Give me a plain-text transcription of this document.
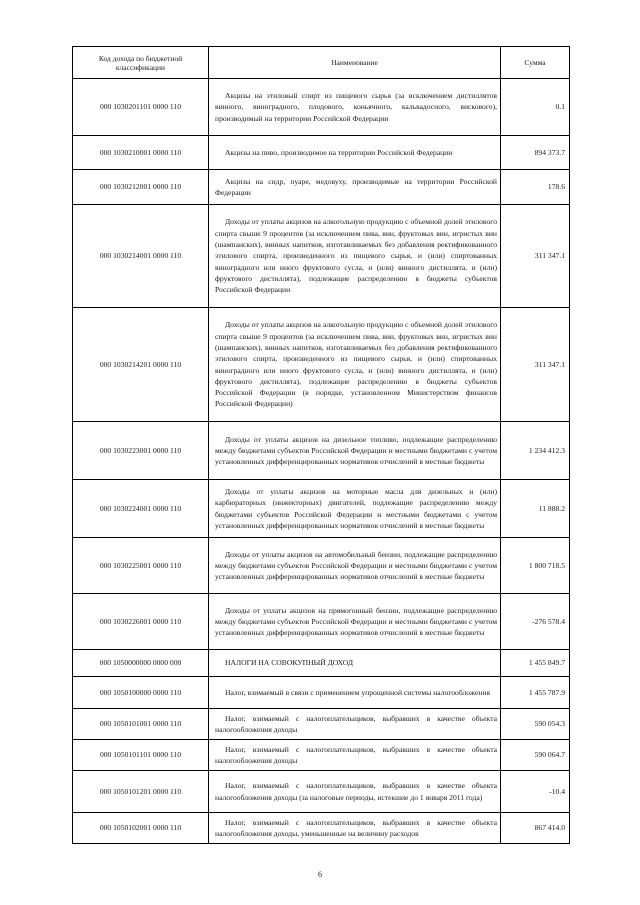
Код дохода по бюджетной классификации	Наименование	Сумма
000 1030201101 0000 110	Акцизы на этиловый спирт из пищевого сырья (за исключением дистиллятов винного, виноградного, плодового, коньячного, кальвадосного, вискового), производимый на территории Российской Федерации	0.1
000 1030210001 0000 110	Акцизы на пиво, производимое на территории Российской Федерации	894 373.7
000 1030212001 0000 110	Акцизы на сидр, пуаре, медовуху, производимые на территории Российской Федерации	178.6
000 1030214001 0000 110	Доходы от уплаты акцизов на алкогольную продукцию с объемной долей этилового спирта свыше 9 процентов (за исключением пива, вин, фруктовых вин, игристых вин (шампанских), винных напитков, изготавливаемых без добавления ректификованного этилового спирта, произведенного из пищевого сырья, и (или) спиртованных виноградного или иного фруктового сусла, и (или) винного дистиллята, и (или) фруктового дистиллята), подлежащие распределению в бюджеты субъектов Российской Федерации	311 347.1
000 1030214201 0000 110	Доходы от уплаты акцизов на алкогольную продукцию с объемной долей этилового спирта свыше 9 процентов (за исключением пива, вин, фруктовых вин, игристых вин (шампанских), винных напитков, изготавливаемых без добавления ректификованного этилового спирта, произведенного из пищевого сырья, и (или) спиртованных виноградного или иного фруктового сусла, и (или) винного дистиллята, и (или) фруктового дистиллята), подлежащие распределению в бюджеты субъектов Российской Федерации (в порядке, установленном Министерством финансов Российской Федерации)	311 347.1
000 1030223001 0000 110	Доходы от уплаты акцизов на дизельное топливо, подлежащие распределению между бюджетами субъектов Российской Федерации и местными бюджетами с учетом установленных дифференцированных нормативов отчислений в местные бюджеты	1 234 412.3
000 1030224001 0000 110	Доходы от уплаты акцизов на моторные масла для дизельных и (или) карбюраторных (инжекторных) двигателей, подлежащие распределению между бюджетами субъектов Российской Федерации и местными бюджетами с учетом установленных дифференцированных нормативов отчислений в местные бюджеты	11 888.2
000 1030225001 0000 110	Доходы от уплаты акцизов на автомобильный бензин, подлежащие распределению между бюджетами субъектов Российской Федерации и местными бюджетами с учетом установленных дифференцированных нормативов отчислений в местные бюджеты	1 800 718.5
000 1030226001 0000 110	Доходы от уплаты акцизов на прямогонный бензин, подлежащие распределению между бюджетами субъектов Российской Федерации и местными бюджетами с учетом установленных дифференцированных нормативов отчислений в местные бюджеты	-276 578.4
000 1050000000 0000 000	НАЛОГИ НА СОВОКУПНЫЙ ДОХОД	1 455 849.7
000 1050100000 0000 110	Налог, взимаемый в связи с применением упрощенной системы налогообложения	1 455 787.9
000 1050101001 0000 110	Налог, взимаемый с налогоплательщиков, выбравших в качестве объекта налогообложения доходы	590 054.3
000 1050101101 0000 110	Налог, взимаемый с налогоплательщиков, выбравших в качестве объекта налогообложения доходы	590 064.7
000 1050101201 0000 110	Налог, взимаемый с налогоплательщиков, выбравших в качестве объекта налогообложения доходы (за налоговые периоды, истекшие до 1 января 2011 года)	-10.4
000 1050102001 0000 110	Налог, взимаемый с налогоплательщиков, выбравших в качестве объекта налогообложения доходы, уменьшенные на величину расходов	867 414.0
6
